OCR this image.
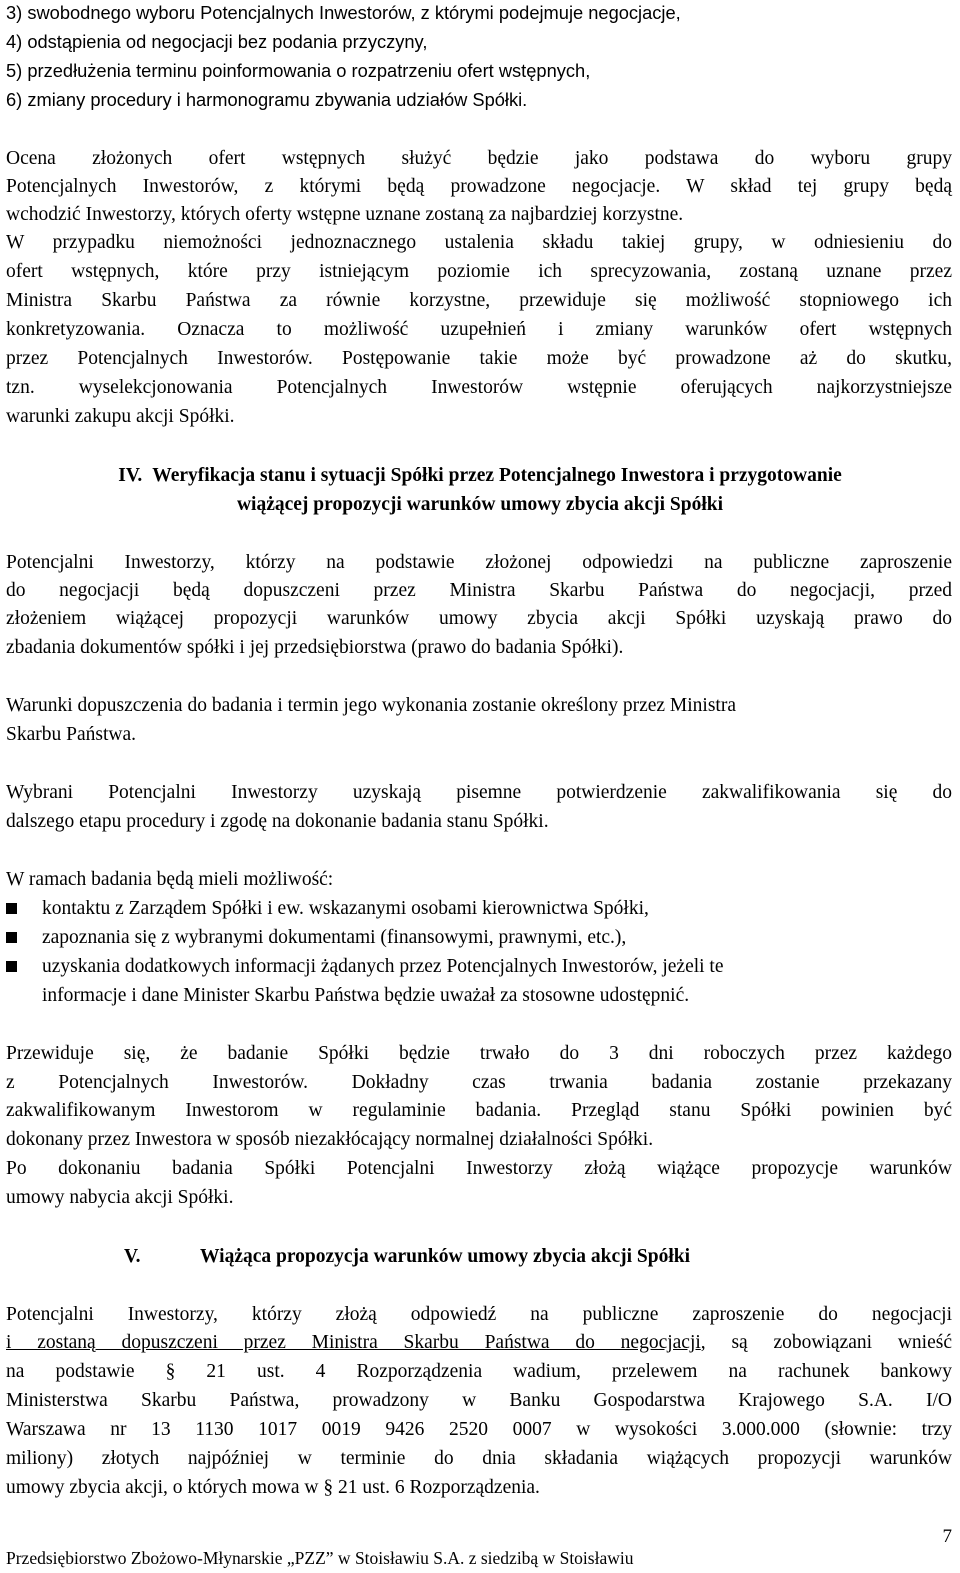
3) swobodnego wyboru Potencjalnych Inwestorów, z którymi podejmuje negocjacje,
4) odstąpienia od negocjacji bez podania przyczyny,
5) przedłużenia terminu poinformowania o rozpatrzeniu ofert wstępnych,
6) zmiany procedury i harmonogramu zbywania udziałów Spółki.
Ocena złożonych ofert wstępnych służyć będzie jako podstawa do wyboru grupy
Potencjalnych Inwestorów, z którymi będą prowadzone negocjacje. W skład tej grupy będą
wchodzić Inwestorzy, których oferty wstępne uznane zostaną za najbardziej korzystne.
W przypadku niemożności jednoznacznego ustalenia składu takiej grupy, w odniesieniu do
ofert wstępnych, które przy istniejącym poziomie ich sprecyzowania, zostaną uznane przez
Ministra Skarbu Państwa za równie korzystne, przewiduje się możliwość stopniowego ich
konkretyzowania. Oznacza to możliwość uzupełnień i zmiany warunków ofert wstępnych
przez Potencjalnych Inwestorów. Postępowanie takie może być prowadzone aż do skutku,
tzn. wyselekcjonowania Potencjalnych Inwestorów wstępnie oferujących najkorzystniejsze
warunki zakupu akcji Spółki.
IV. Weryfikacja stanu i sytuacji Spółki przez Potencjalnego Inwestora i przygotowanie
wiążącej propozycji warunków umowy zbycia akcji Spółki
Potencjalni Inwestorzy, którzy na podstawie złożonej odpowiedzi na publiczne zaproszenie
do negocjacji będą dopuszczeni przez Ministra Skarbu Państwa do negocjacji, przed
złożeniem wiążącej propozycji warunków umowy zbycia akcji Spółki uzyskają prawo do
zbadania dokumentów spółki i jej przedsiębiorstwa (prawo do badania Spółki).
Warunki dopuszczenia do badania i termin jego wykonania zostanie określony przez Ministra
Skarbu Państwa.
Wybrani Potencjalni Inwestorzy uzyskają pisemne potwierdzenie zakwalifikowania się do
dalszego etapu procedury i zgodę na dokonanie badania stanu Spółki.
W ramach badania będą mieli możliwość:
kontaktu z Zarządem Spółki i ew. wskazanymi osobami kierownictwa Spółki,
zapoznania się z wybranymi dokumentami (finansowymi, prawnymi, etc.),
uzyskania dodatkowych informacji żądanych przez Potencjalnych Inwestorów, jeżeli te
informacje i dane Minister Skarbu Państwa będzie uważał za stosowne udostępnić.
Przewiduje się, że badanie Spółki będzie trwało do 3 dni roboczych przez każdego
z Potencjalnych Inwestorów. Dokładny czas trwania badania zostanie przekazany
zakwalifikowanym Inwestorom w regulaminie badania. Przegląd stanu Spółki powinien być
dokonany przez Inwestora w sposób niezakłócający normalnej działalności Spółki.
Po dokonaniu badania Spółki Potencjalni Inwestorzy złożą wiążące propozycje warunków
umowy nabycia akcji Spółki.
V.	Wiążąca propozycja warunków umowy zbycia akcji Spółki
Potencjalni Inwestorzy, którzy złożą odpowiedź na publiczne zaproszenie do negocjacji
i zostaną dopuszczeni przez Ministra Skarbu Państwa do negocjacji, są zobowiązani wnieść
na podstawie § 21 ust. 4 Rozporządzenia wadium, przelewem na rachunek bankowy
Ministerstwa Skarbu Państwa, prowadzony w Banku Gospodarstwa Krajowego S.A. I/O
Warszawa nr 13 1130 1017 0019 9426 2520 0007 w wysokości 3.000.000 (słownie: trzy
miliony) złotych najpóźniej w terminie do dnia składania wiążących propozycji warunków
umowy zbycia akcji, o których mowa w § 21 ust. 6 Rozporządzenia.
7
Przedsiębiorstwo Zbożowo-Młynarskie „PZZ” w Stoisławiu S.A. z siedzibą w Stoisławiu
